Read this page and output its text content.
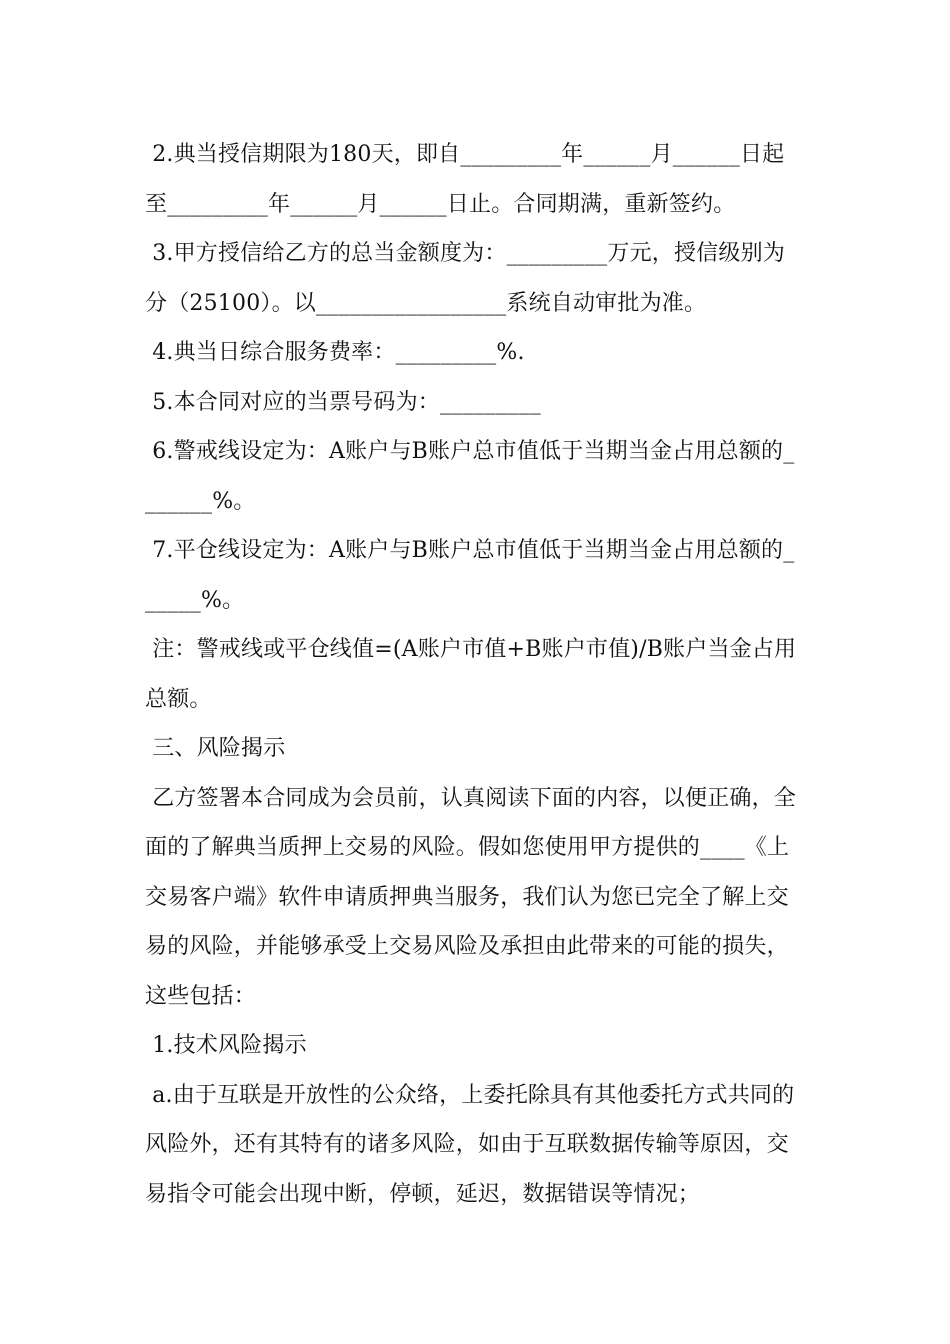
2.典当授信期限为180天，即自_________年______月______日起
至_________年______月______日止。合同期满，重新签约。
3.甲方授信给乙方的总当金额度为：_________万元，授信级别为
分（25100）。以_________________系统自动审批为准。
4.典当日综合服务费率：_________%.
5.本合同对应的当票号码为：_________
6.警戒线设定为：A账户与B账户总市值低于当期当金占用总额的_
______%。
7.平仓线设定为：A账户与B账户总市值低于当期当金占用总额的_
_____%。
注：警戒线或平仓线值=(A账户市值+B账户市值)/B账户当金占用
总额。
三、风险揭示
乙方签署本合同成为会员前，认真阅读下面的内容，以便正确，全
面的了解典当质押上交易的风险。假如您使用甲方提供的____《上
交易客户端》软件申请质押典当服务，我们认为您已完全了解上交
易的风险，并能够承受上交易风险及承担由此带来的可能的损失，
这些包括：
1.技术风险揭示
a.由于互联是开放性的公众络，上委托除具有其他委托方式共同的
风险外，还有其特有的诸多风险，如由于互联数据传输等原因，交
易指令可能会出现中断，停顿，延迟，数据错误等情况；
